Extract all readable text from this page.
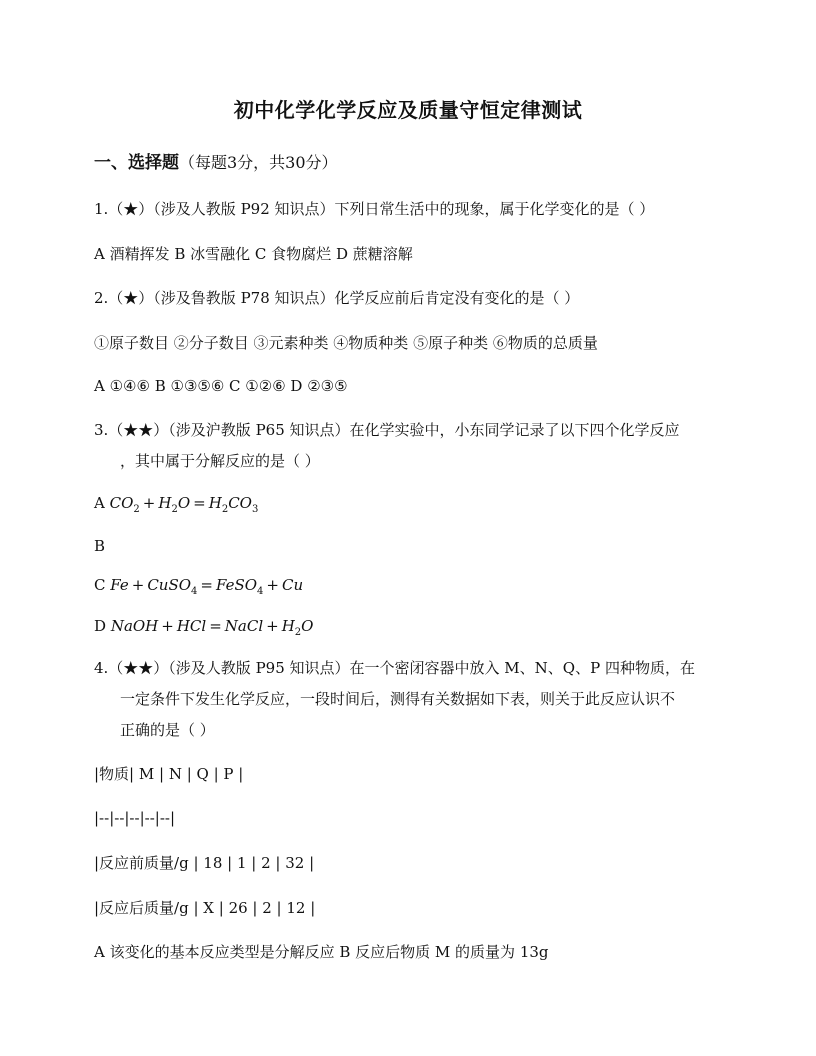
初中化学化学反应及质量守恒定律测试
一、选择题（每题3分，共30分）
1.（★）（涉及人教版 P92 知识点）下列日常生活中的现象，属于化学变化的是（ ）
A 酒精挥发 B 冰雪融化 C 食物腐烂 D 蔗糖溶解
2.（★）（涉及鲁教版 P78 知识点）化学反应前后肯定没有变化的是（ ）
①原子数目 ②分子数目 ③元素种类 ④物质种类 ⑤原子种类 ⑥物质的总质量
A ①④⑥ B ①③⑤⑥ C ①②⑥ D ②③⑤
3.（★★）（涉及沪教版 P65 知识点）在化学实验中，小东同学记录了以下四个化学反应
，其中属于分解反应的是（ ）
A $CO_2 + H_2O = H_2CO_3$
B
C Fe + CuSO$_4$ = FeSO$_4$ + Cu
D NaOH + HCl = NaCl + $H_2O$
4.（★★）（涉及人教版 P95 知识点）在一个密闭容器中放入 M、N、Q、P 四种物质，在
一定条件下发生化学反应，一段时间后，测得有关数据如下表，则关于此反应认识不
正确的是（ ）
|物质| M | N | Q | P |
|--|--|--|--|--|
|反应前质量/g | 18 | 1 | 2 | 32 |
|反应后质量/g | X | 26 | 2 | 12 |
A 该变化的基本反应类型是分解反应 B 反应后物质 M 的质量为 13g
